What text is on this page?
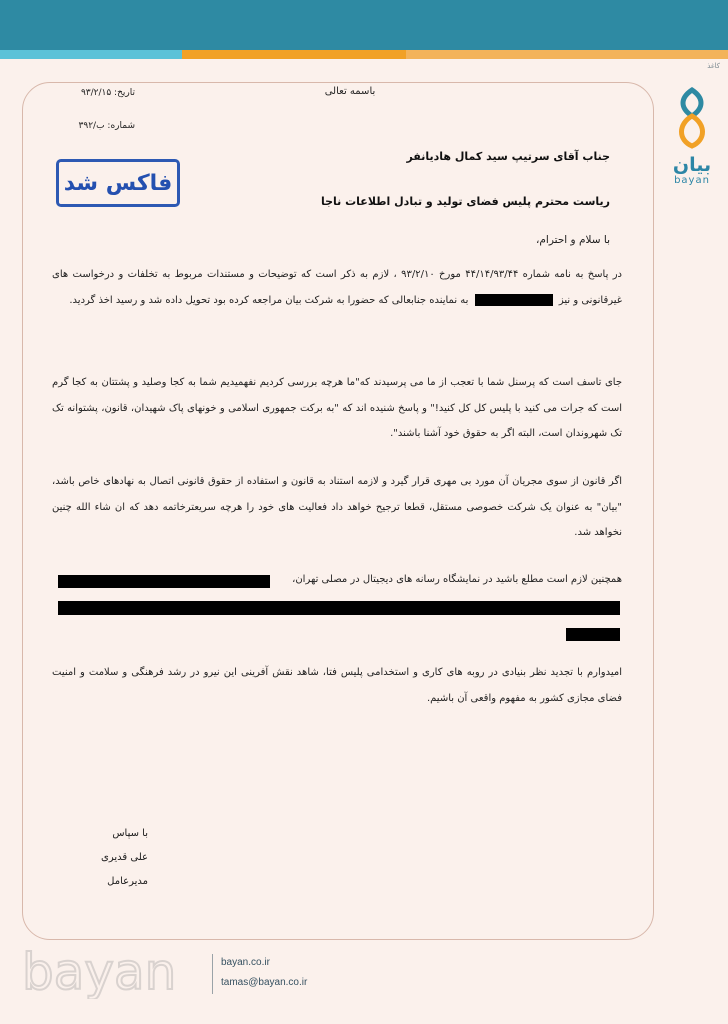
کاغذ
بیان
bayan
باسمه تعالی
تاریخ: ۹۳/۲/۱۵
شماره: ب/۳۹۲
فاکس شد
جناب آقای سرتیپ سید کمال هادیانفر
ریاست محترم پلیس فضای تولید و تبادل اطلاعات ناجا
با سلام و احترام،
در پاسخ به نامه شماره ۴۴/۱۴/۹۳/۴۴ مورخ ۹۳/۲/۱۰ ، لازم به ذکر است که توضیحات و مستندات مربوط به تخلفات و درخواست های غیرقانونی و نیز  به نماینده جنابعالی که حضورا به شرکت بیان مراجعه کرده بود تحویل داده شد و رسید اخذ گردید.
جای تاسف است که پرسنل شما با تعجب از ما می پرسیدند که"ما هرچه بررسی کردیم نفهمیدیم شما به کجا وصلید و پشتتان به کجا گرم است که جرات می کنید با پلیس کل کل کنید!" و پاسخ شنیده اند که "به برکت جمهوری اسلامی و خونهای پاک شهیدان، قانون، پشتوانه تک تک شهروندان است، البته اگر به حقوق خود آشنا باشند".
اگر قانون از سوی مجریان آن مورد بی مهری قرار گیرد و لازمه استناد به قانون و استفاده از حقوق قانونی اتصال به نهادهای خاص باشد، "بیان" به عنوان یک شرکت خصوصی مستقل، قطعا ترجیح خواهد داد فعالیت های خود را هرچه سریعترخاتمه دهد که ان شاء الله چنین نخواهد شد.
همچنین لازم است مطلع باشید در نمایشگاه رسانه های دیجیتال در مصلی تهران،
امیدوارم با تجدید نظر بنیادی در روبه های کاری و استخدامی پلیس فتا، شاهد نقش آفرینی این نیرو در رشد فرهنگی و سلامت و امنیت فضای مجازی کشور به مفهوم واقعی آن باشیم.
با سپاس
علی قدیری
مدیرعامل
bayan	bayan.co.ir
tamas@bayan.co.ir
